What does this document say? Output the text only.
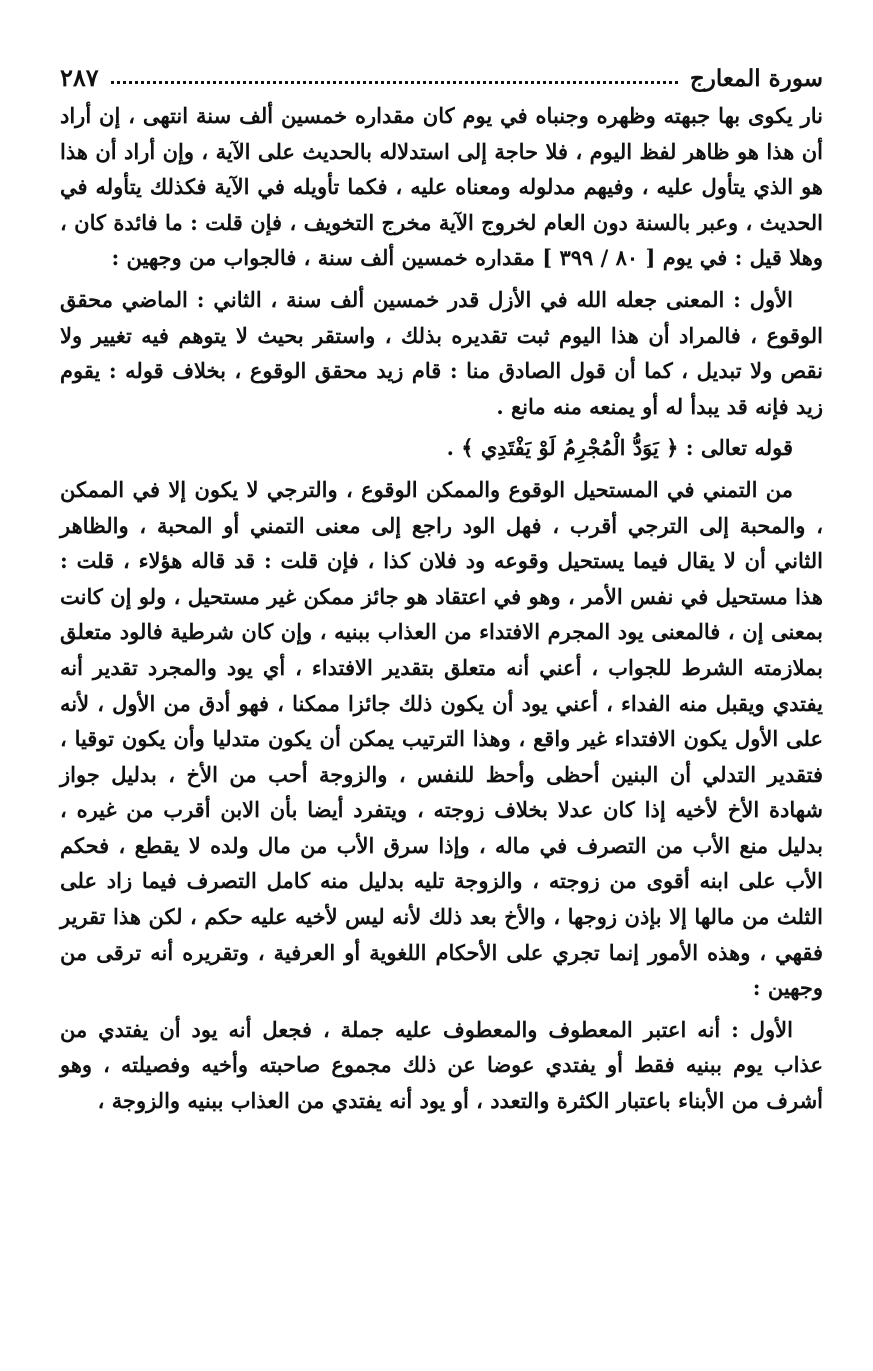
سورة المعارج
٢٨٧

نار يكوى بها جبهته وظهره وجنباه في يوم كان مقداره خمسين ألف سنة انتهى ، إن أراد أن هذا هو ظاهر لفظ اليوم ، فلا حاجة إلى استدلاله بالحديث على الآية ، وإن أراد أن هذا هو الذي يتأول عليه ، وفيهم مدلوله ومعناه عليه ، فكما تأويله في الآية فكذلك يتأوله في الحديث ، وعبر بالسنة دون العام لخروج الآية مخرج التخويف ، فإن قلت : ما فائدة كان ، وهلا قيل : في يوم [ ٨٠ / ٣٩٩ ] مقداره خمسين ألف سنة ، فالجواب من وجهين :

الأول : المعنى جعله الله في الأزل قدر خمسين ألف سنة ، الثاني : الماضي محقق الوقوع ، فالمراد أن هذا اليوم ثبت تقديره بذلك ، واستقر بحيث لا يتوهم فيه تغيير ولا نقص ولا تبديل ، كما أن قول الصادق منا : قام زيد محقق الوقوع ، بخلاف قوله : يقوم زيد فإنه قد يبدأ له أو يمنعه منه مانع .

قوله تعالى : ﴿ يَوَدُّ الْمُجْرِمُ لَوْ يَفْتَدِي ﴾ .

من التمني في المستحيل الوقوع والممكن الوقوع ، والترجي لا يكون إلا في الممكن ، والمحبة إلى الترجي أقرب ، فهل الود راجع إلى معنى التمني أو المحبة ، والظاهر الثاني أن لا يقال فيما يستحيل وقوعه ود فلان كذا ، فإن قلت : قد قاله هؤلاء ، قلت : هذا مستحيل في نفس الأمر ، وهو في اعتقاد هو جائز ممكن غير مستحيل ، ولو إن كانت بمعنى إن ، فالمعنى يود المجرم الافتداء من العذاب ببنيه ، وإن كان شرطية فالود متعلق بملازمته الشرط للجواب ، أعني أنه متعلق بتقدير الافتداء ، أي يود والمجرد تقدير أنه يفتدي ويقبل منه الفداء ، أعني يود أن يكون ذلك جائزا ممكنا ، فهو أدق من الأول ، لأنه على الأول يكون الافتداء غير واقع ، وهذا الترتيب يمكن أن يكون متدليا وأن يكون توقيا ، فتقدير التدلي أن البنين أحظى وأحظ للنفس ، والزوجة أحب من الأخ ، بدليل جواز شهادة الأخ لأخيه إذا كان عدلا بخلاف زوجته ، ويتفرد أيضا بأن الابن أقرب من غيره ، بدليل منع الأب من التصرف في ماله ، وإذا سرق الأب من مال ولده لا يقطع ، فحكم الأب على ابنه أقوى من زوجته ، والزوجة تليه بدليل منه كامل التصرف فيما زاد على الثلث من مالها إلا بإذن زوجها ، والأخ بعد ذلك لأنه ليس لأخيه عليه حكم ، لكن هذا تقرير فقهي ، وهذه الأمور إنما تجري على الأحكام اللغوية أو العرفية ، وتقريره أنه ترقى من وجهين :

الأول : أنه اعتبر المعطوف والمعطوف عليه جملة ، فجعل أنه يود أن يفتدي من عذاب يوم ببنيه فقط أو يفتدي عوضا عن ذلك مجموع صاحبته وأخيه وفصيلته ، وهو أشرف من الأبناء باعتبار الكثرة والتعدد ، أو يود أنه يفتدي من العذاب ببنيه والزوجة ،
